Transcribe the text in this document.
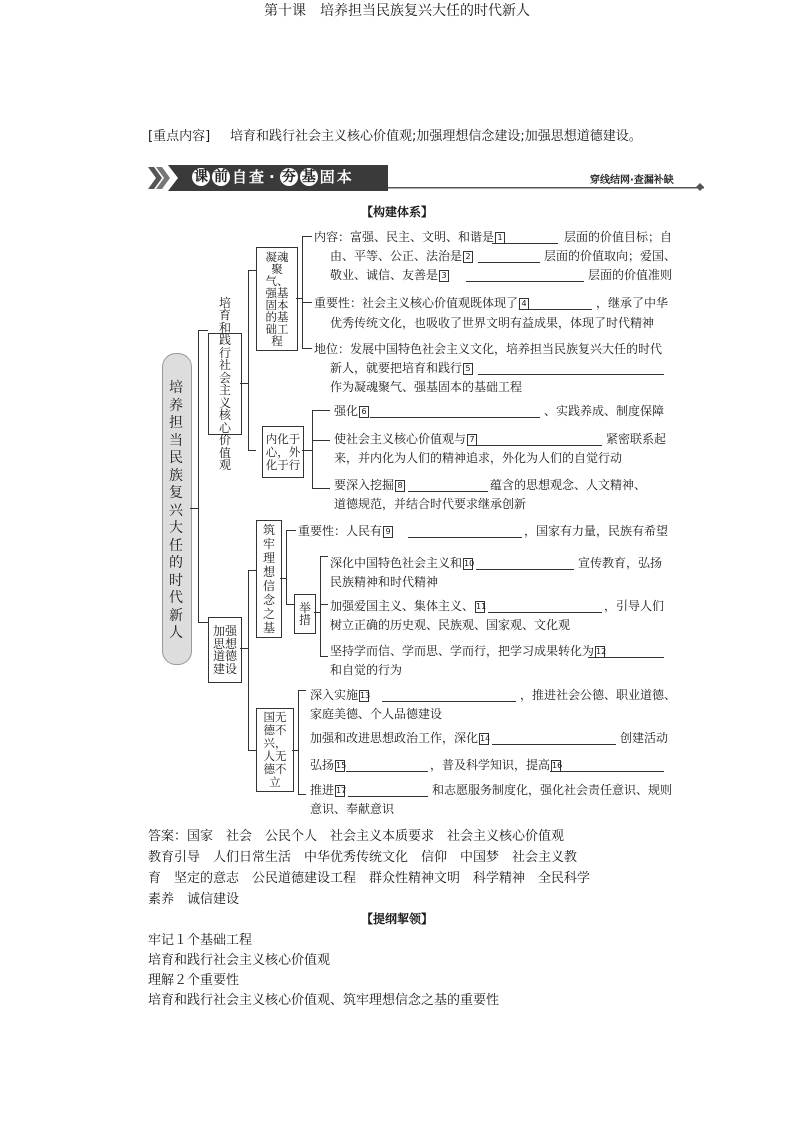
第十课　培养担当民族复兴大任的时代新人
[重点内容] 培育和践行社会主义核心价值观;加强理想信念建设;加强思想道德建设。
课 前 自 查 · 夯 基 固 本	穿线结网·查漏补缺
【构建体系】
培养担当民族复兴大任的时代新人
培育和践行社会主义核心价值观
凝魂聚气、强基固本的基础工程
内容：富强、民主、文明、和谐是 1	层面的价值目标；自
由、平等、公正、法治是 2	层面的价值取向；爱国、
敬业、诚信、友善是 3	层面的价值准则
重要性：社会主义核心价值观既体现了 4	，继承了中华
优秀传统文化，也吸收了世界文明有益成果，体现了时代精神
地位：发展中国特色社会主义文化，培养担当民族复兴大任的时代
新人，就要把培育和践行 5
作为凝魂聚气、强基固本的基础工程
内化于心，外化于行
强化 6	、实践养成、制度保障
使社会主义核心价值观与 7	紧密联系起
来，并内化为人们的精神追求，外化为人们的自觉行动
要深入挖掘 8	蕴含的思想观念、人文精神、
道德规范，并结合时代要求继承创新
加强思想道德建设
筑牢理想信念之基
重要性：人民有 9	，国家有力量，民族有希望
举措
深化中国特色社会主义和 10	宣传教育，弘扬
民族精神和时代精神
加强爱国主义、集体主义、 11	，引导人们
树立正确的历史观、民族观、国家观、文化观
坚持学而信、学而思、学而行，把学习成果转化为 12
和自觉的行为
国无德不兴，人无德不立
深入实施 13	，推进社会公德、职业道德、
家庭美德、个人品德建设
加强和改进思想政治工作，深化 14	创建活动
弘扬 15	，普及科学知识，提高 16
推进 17	和志愿服务制度化，强化社会责任意识、规则
意识、奉献意识
答案：国家　社会　公民个人　社会主义本质要求　社会主义核心价值观
教育引导　人们日常生活　中华优秀传统文化　信仰　中国梦　社会主义教
育　坚定的意志　公民道德建设工程　群众性精神文明　科学精神　全民科学
素养　诚信建设
【提纲挈领】
牢记１个基础工程
培育和践行社会主义核心价值观
理解２个重要性
培育和践行社会主义核心价值观、筑牢理想信念之基的重要性
